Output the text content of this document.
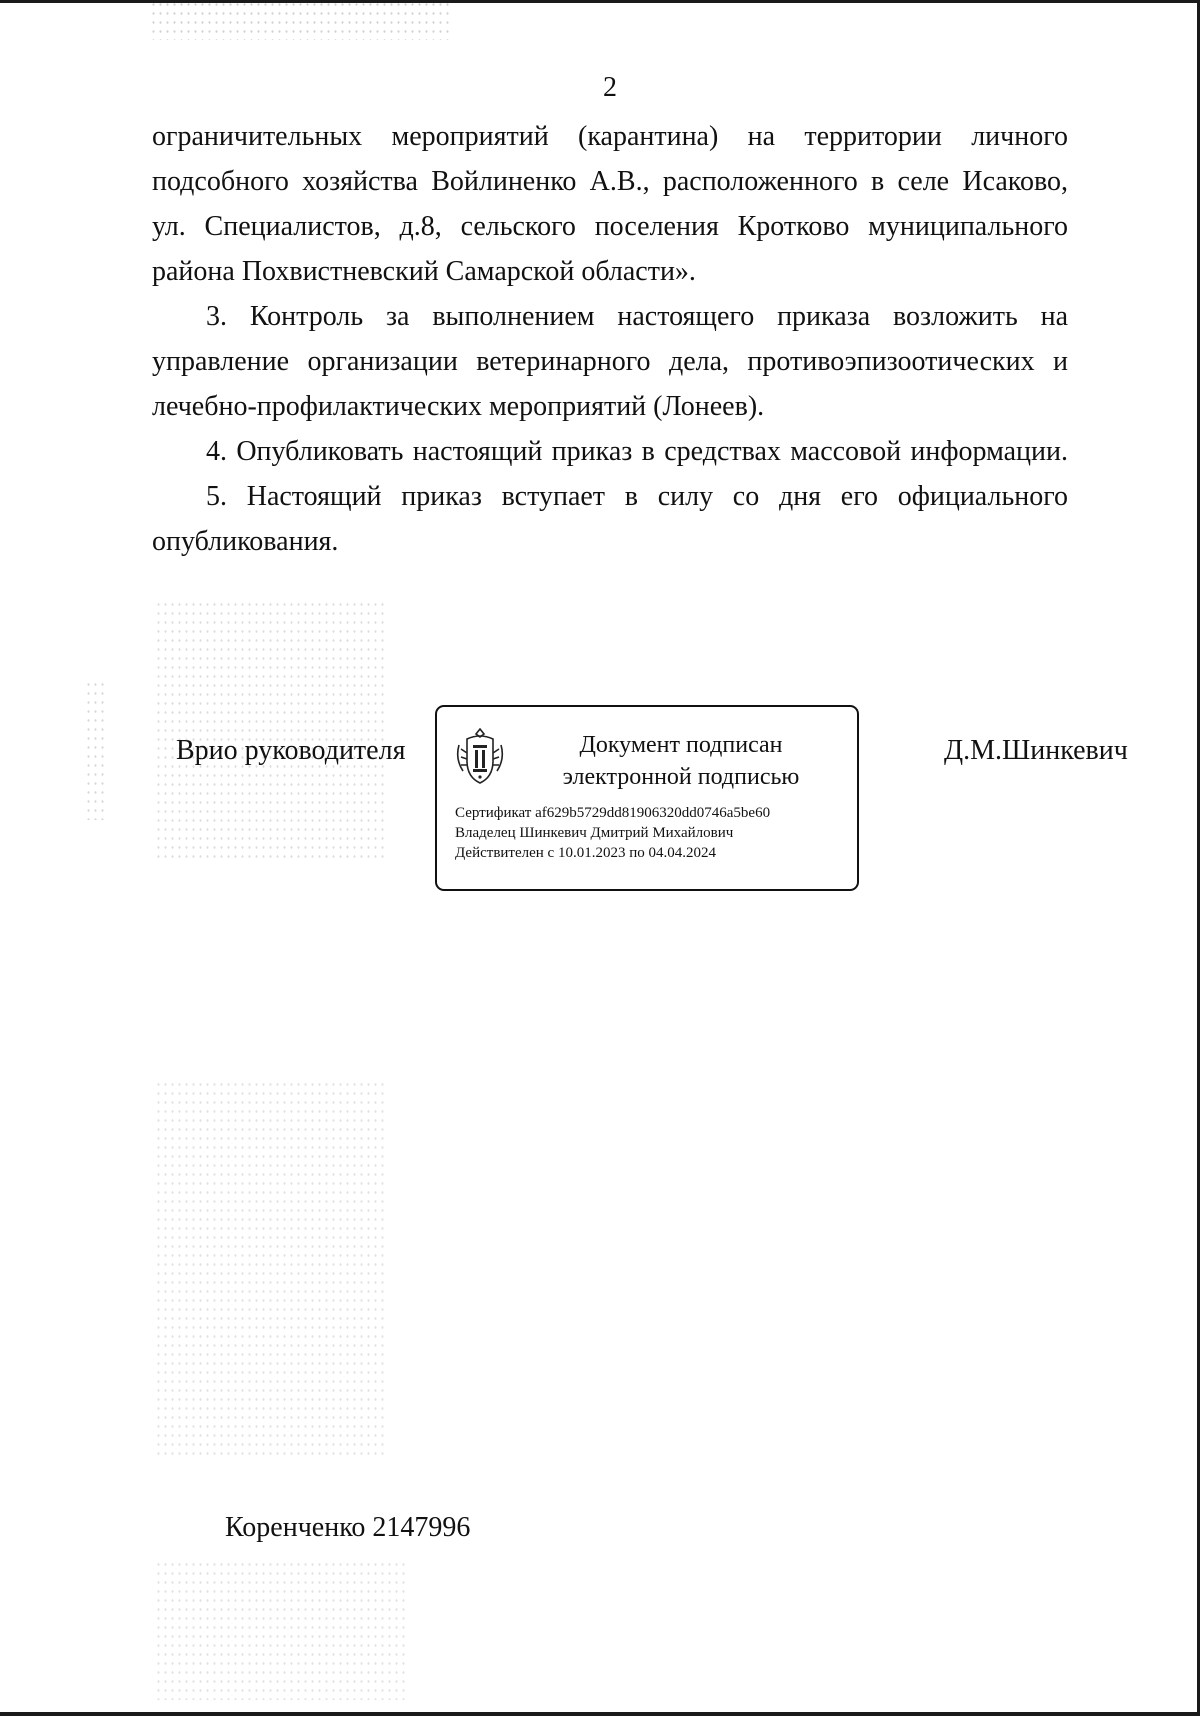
2
ограничительных мероприятий (карантина) на территории личного
подсобного хозяйства Войлиненко А.В., расположенного в селе Исаково,
ул. Специалистов, д.8, сельского поселения Кротково муниципального
района Похвистневский Самарской области».
3. Контроль за выполнением настоящего приказа возложить на
управление организации ветеринарного дела, противоэпизоотических и
лечебно-профилактических мероприятий (Лонеев).
4. Опубликовать настоящий приказ в средствах массовой информации.
5. Настоящий приказ вступает в силу со дня его официального
опубликования.
Врио руководителя	Документ подписан
электронной подписью
Сертификат af629b5729dd81906320dd0746a5be60
Владелец Шинкевич Дмитрий Михайлович
Действителен с 10.01.2023 по 04.04.2024
Д.М.Шинкевич
Коренченко 2147996
